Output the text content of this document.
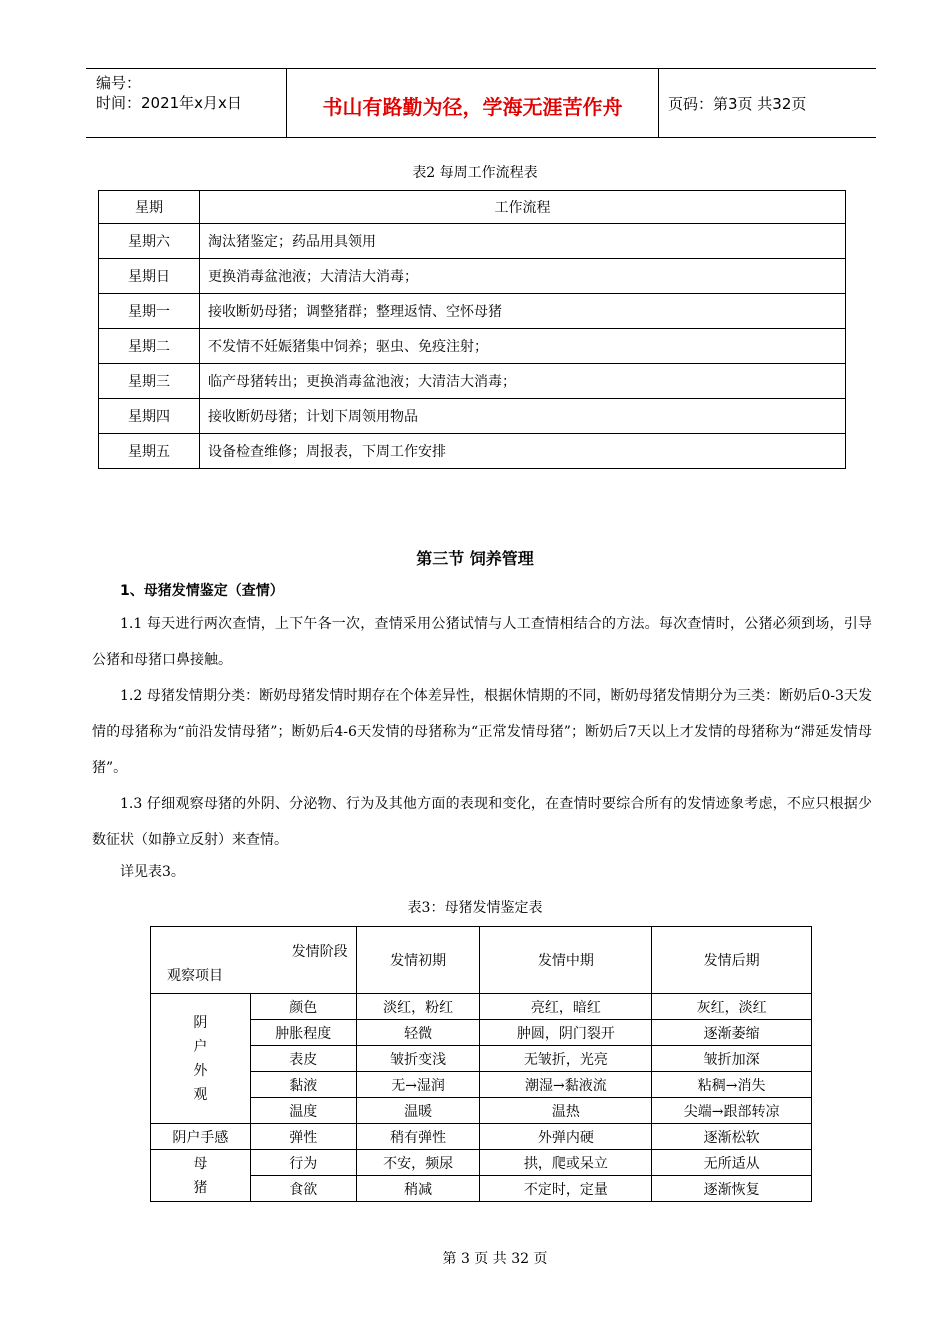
编号：
时间：2021年x月x日	书山有路勤为径，学海无涯苦作舟	页码：第3页 共32页
表2 每周工作流程表
星期	工作流程
星期六	淘汰猪鉴定；药品用具领用
星期日	更换消毒盆池液；大清洁大消毒；
星期一	接收断奶母猪；调整猪群；整理返情、空怀母猪
星期二	不发情不妊娠猪集中饲养；驱虫、免疫注射；
星期三	临产母猪转出；更换消毒盆池液；大清洁大消毒；
星期四	接收断奶母猪；计划下周领用物品
星期五	设备检查维修；周报表，下周工作安排
第三节 饲养管理
1、母猪发情鉴定（查情）
1.1 每天进行两次查情，上下午各一次，查情采用公猪试情与人工查情相结合的方法。每次查情时，公猪必须到场，引导公猪和母猪口鼻接触。
1.2 母猪发情期分类：断奶母猪发情时期存在个体差异性，根据休情期的不同，断奶母猪发情期分为三类：断奶后0-3天发情的母猪称为“前沿发情母猪”；断奶后4-6天发情的母猪称为“正常发情母猪”；断奶后7天以上才发情的母猪称为“滞延发情母猪”。
1.3 仔细观察母猪的外阴、分泌物、行为及其他方面的表现和变化，在查情时要综合所有的发情迹象考虑，不应只根据少数征状（如静立反射）来查情。
详见表3。
表3：母猪发情鉴定表
发情阶段
观察项目		发情初期	发情中期	发情后期

阴
户
外
观	颜色	淡红，粉红	亮红，暗红	灰红，淡红
	肿胀程度	轻微	肿圆，阴门裂开	逐渐萎缩
	表皮	皱折变浅	无皱折，光亮	皱折加深
	黏液	无→湿润	潮湿→黏液流	粘稠→消失
	温度	温暖	温热	尖端→跟部转凉
阴户手感	弹性	稍有弹性	外弹内硬	逐渐松软

母
猪	行为	不安，频尿	拱，爬或呆立	无所适从
	食欲	稍减	不定时，定量	逐渐恢复
第 3 页 共 32 页
